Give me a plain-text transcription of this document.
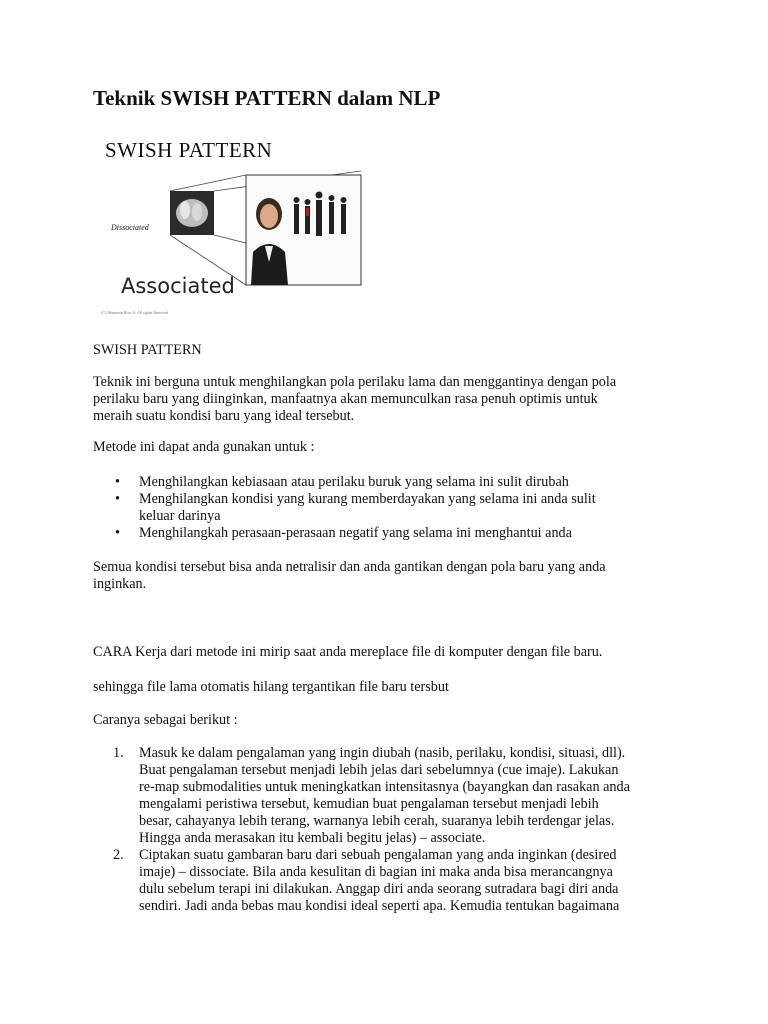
Teknik SWISH PATTERN dalam NLP
SWISH PATTERN
Dissociated
Associated
(C) Benjamin Ross Jr. All rights Reserved
SWISH PATTERN

Teknik ini berguna untuk menghilangkan pola perilaku lama dan menggantinya dengan pola

perilaku baru yang diinginkan, manfaatnya akan memunculkan rasa penuh optimis untuk

meraih suatu kondisi baru yang ideal tersebut.

Metode ini dapat anda gunakan untuk :
• Menghilangkan kebiasaan atau perilaku buruk yang selama ini sulit dirubah

• Menghilangkan kondisi yang kurang memberdayakan yang selama ini anda sulit

keluar darinya

• Menghilangkah perasaan-perasaan negatif yang selama ini menghantui anda

Semua kondisi tersebut bisa anda netralisir dan anda gantikan dengan pola baru yang anda

inginkan.

CARA Kerja dari metode ini mirip saat anda mereplace file di komputer dengan file baru.
sehingga file lama otomatis hilang tergantikan file baru tersbut
Caranya sebagai berikut :
1. Masuk ke dalam pengalaman yang ingin diubah (nasib, perilaku, kondisi, situasi, dll).

Buat pengalaman tersebut menjadi lebih jelas dari sebelumnya (cue imaje). Lakukan

re-map submodalities untuk meningkatkan intensitasnya (bayangkan dan rasakan anda

mengalami peristiwa tersebut, kemudian buat pengalaman tersebut menjadi lebih

besar, cahayanya lebih terang, warnanya lebih cerah, suaranya lebih terdengar jelas.

Hingga anda merasakan itu kembali begitu jelas) – associate.

2. Ciptakan suatu gambaran baru dari sebuah pengalaman yang anda inginkan (desired

imaje) – dissociate. Bila anda kesulitan di bagian ini maka anda bisa merancangnya

dulu sebelum terapi ini dilakukan. Anggap diri anda seorang sutradara bagi diri anda

sendiri. Jadi anda bebas mau kondisi ideal seperti apa. Kemudia tentukan bagaimana
